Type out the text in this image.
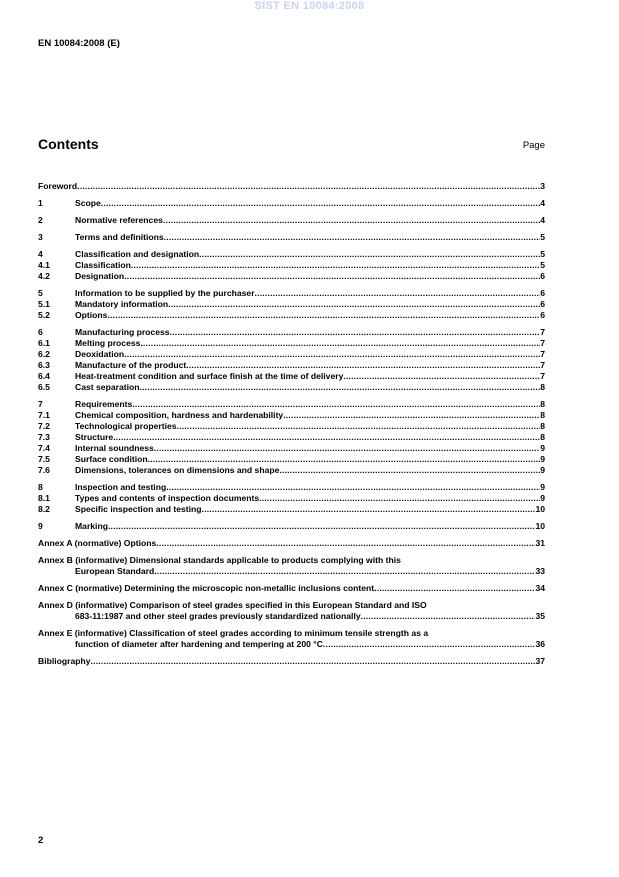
SIST EN 10084:2008
EN 10084:2008 (E)
Contents	Page
Foreword .....	3
1	Scope .....	4
2	Normative references .....	4
3	Terms and definitions .....	5
4	Classification and designation .....	5
4.1	Classification .....	5
4.2	Designation .....	6
5	Information to be supplied by the purchaser .....	6
5.1	Mandatory information .....	6
5.2	Options .....	6
6	Manufacturing process .....	7
6.1	Melting process .....	7
6.2	Deoxidation .....	7
6.3	Manufacture of the product .....	7
6.4	Heat-treatment condition and surface finish at the time of delivery .....	7
6.5	Cast separation .....	8
7	Requirements .....	8
7.1	Chemical composition, hardness and hardenability .....	8
7.2	Technological properties .....	8
7.3	Structure .....	8
7.4	Internal soundness .....	9
7.5	Surface condition .....	9
7.6	Dimensions, tolerances on dimensions and shape .....	9
8	Inspection and testing .....	9
8.1	Types and contents of inspection documents .....	9
8.2	Specific inspection and testing .....	10
9	Marking .....	10
Annex A (normative) Options .....	31
Annex B (informative) Dimensional standards applicable to products complying with this
European Standard .....	33
Annex C (normative) Determining the microscopic non-metallic inclusions content .....	34
Annex D (informative) Comparison of steel grades specified in this European Standard and ISO
683-11:1987 and other steel grades previously standardized nationally .....	35
Annex E (informative) Classification of steel grades according to minimum tensile strength as a
function of diameter after hardening and tempering at 200 °C .....	36
Bibliography .....	37
2
